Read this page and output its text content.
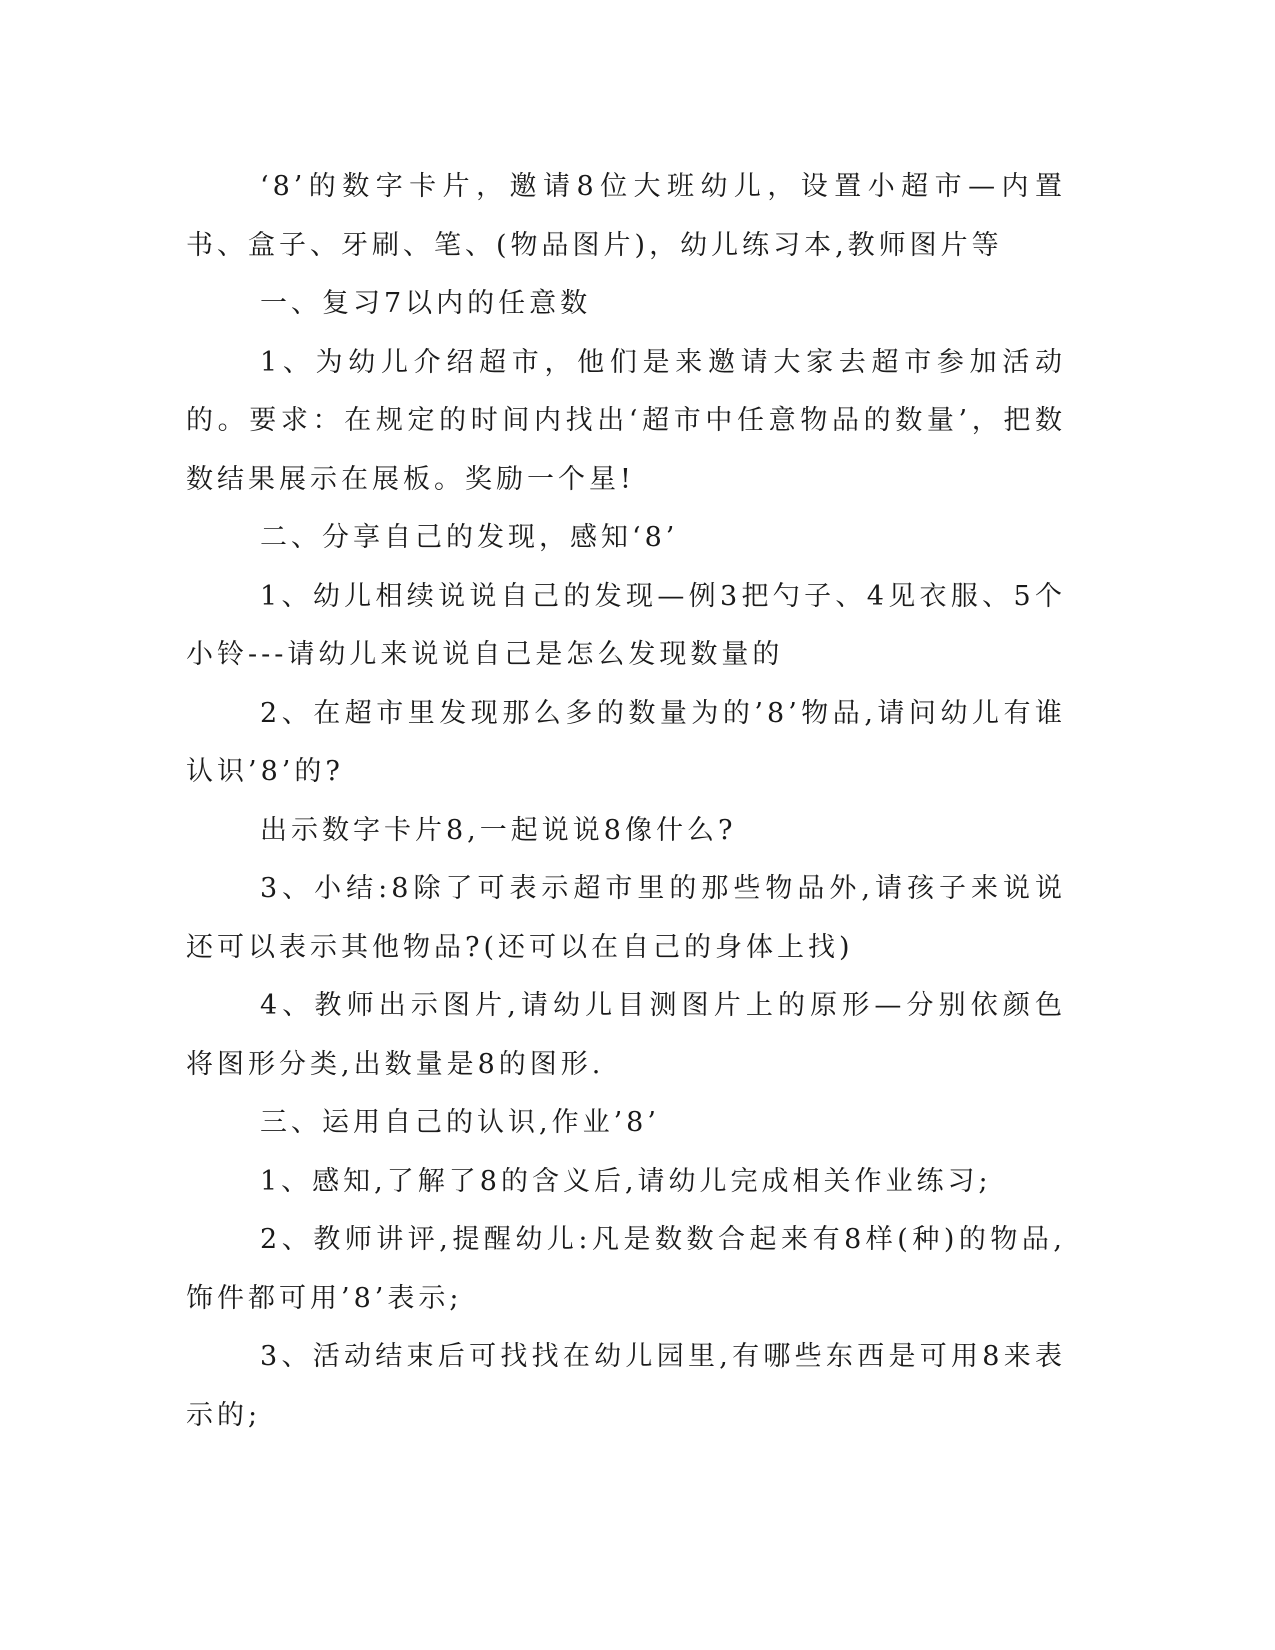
‘8’的数字卡片，邀请8位大班幼儿，设置小超市—内置书、盒子、牙刷、笔、(物品图片)，幼儿练习本,教师图片等

一、复习7以内的任意数

1、为幼儿介绍超市，他们是来邀请大家去超市参加活动的。要求：在规定的时间内找出‘超市中任意物品的数量’，把数数结果展示在展板。奖励一个星!

二、分享自己的发现，感知‘8’

1、幼儿相续说说自己的发现—例3把勺子、4见衣服、5个小铃---请幼儿来说说自己是怎么发现数量的

2、在超市里发现那么多的数量为的’8’物品,请问幼儿有谁认识’8’的?

出示数字卡片8,一起说说8像什么?

3、小结:8除了可表示超市里的那些物品外,请孩子来说说还可以表示其他物品?(还可以在自己的身体上找)

4、教师出示图片,请幼儿目测图片上的原形—分别依颜色将图形分类,出数量是8的图形.

三、运用自己的认识,作业’8’

1、感知,了解了8的含义后,请幼儿完成相关作业练习;

2、教师讲评,提醒幼儿:凡是数数合起来有8样(种)的物品,饰件都可用’8’表示;

3、活动结束后可找找在幼儿园里,有哪些东西是可用8来表示的;
